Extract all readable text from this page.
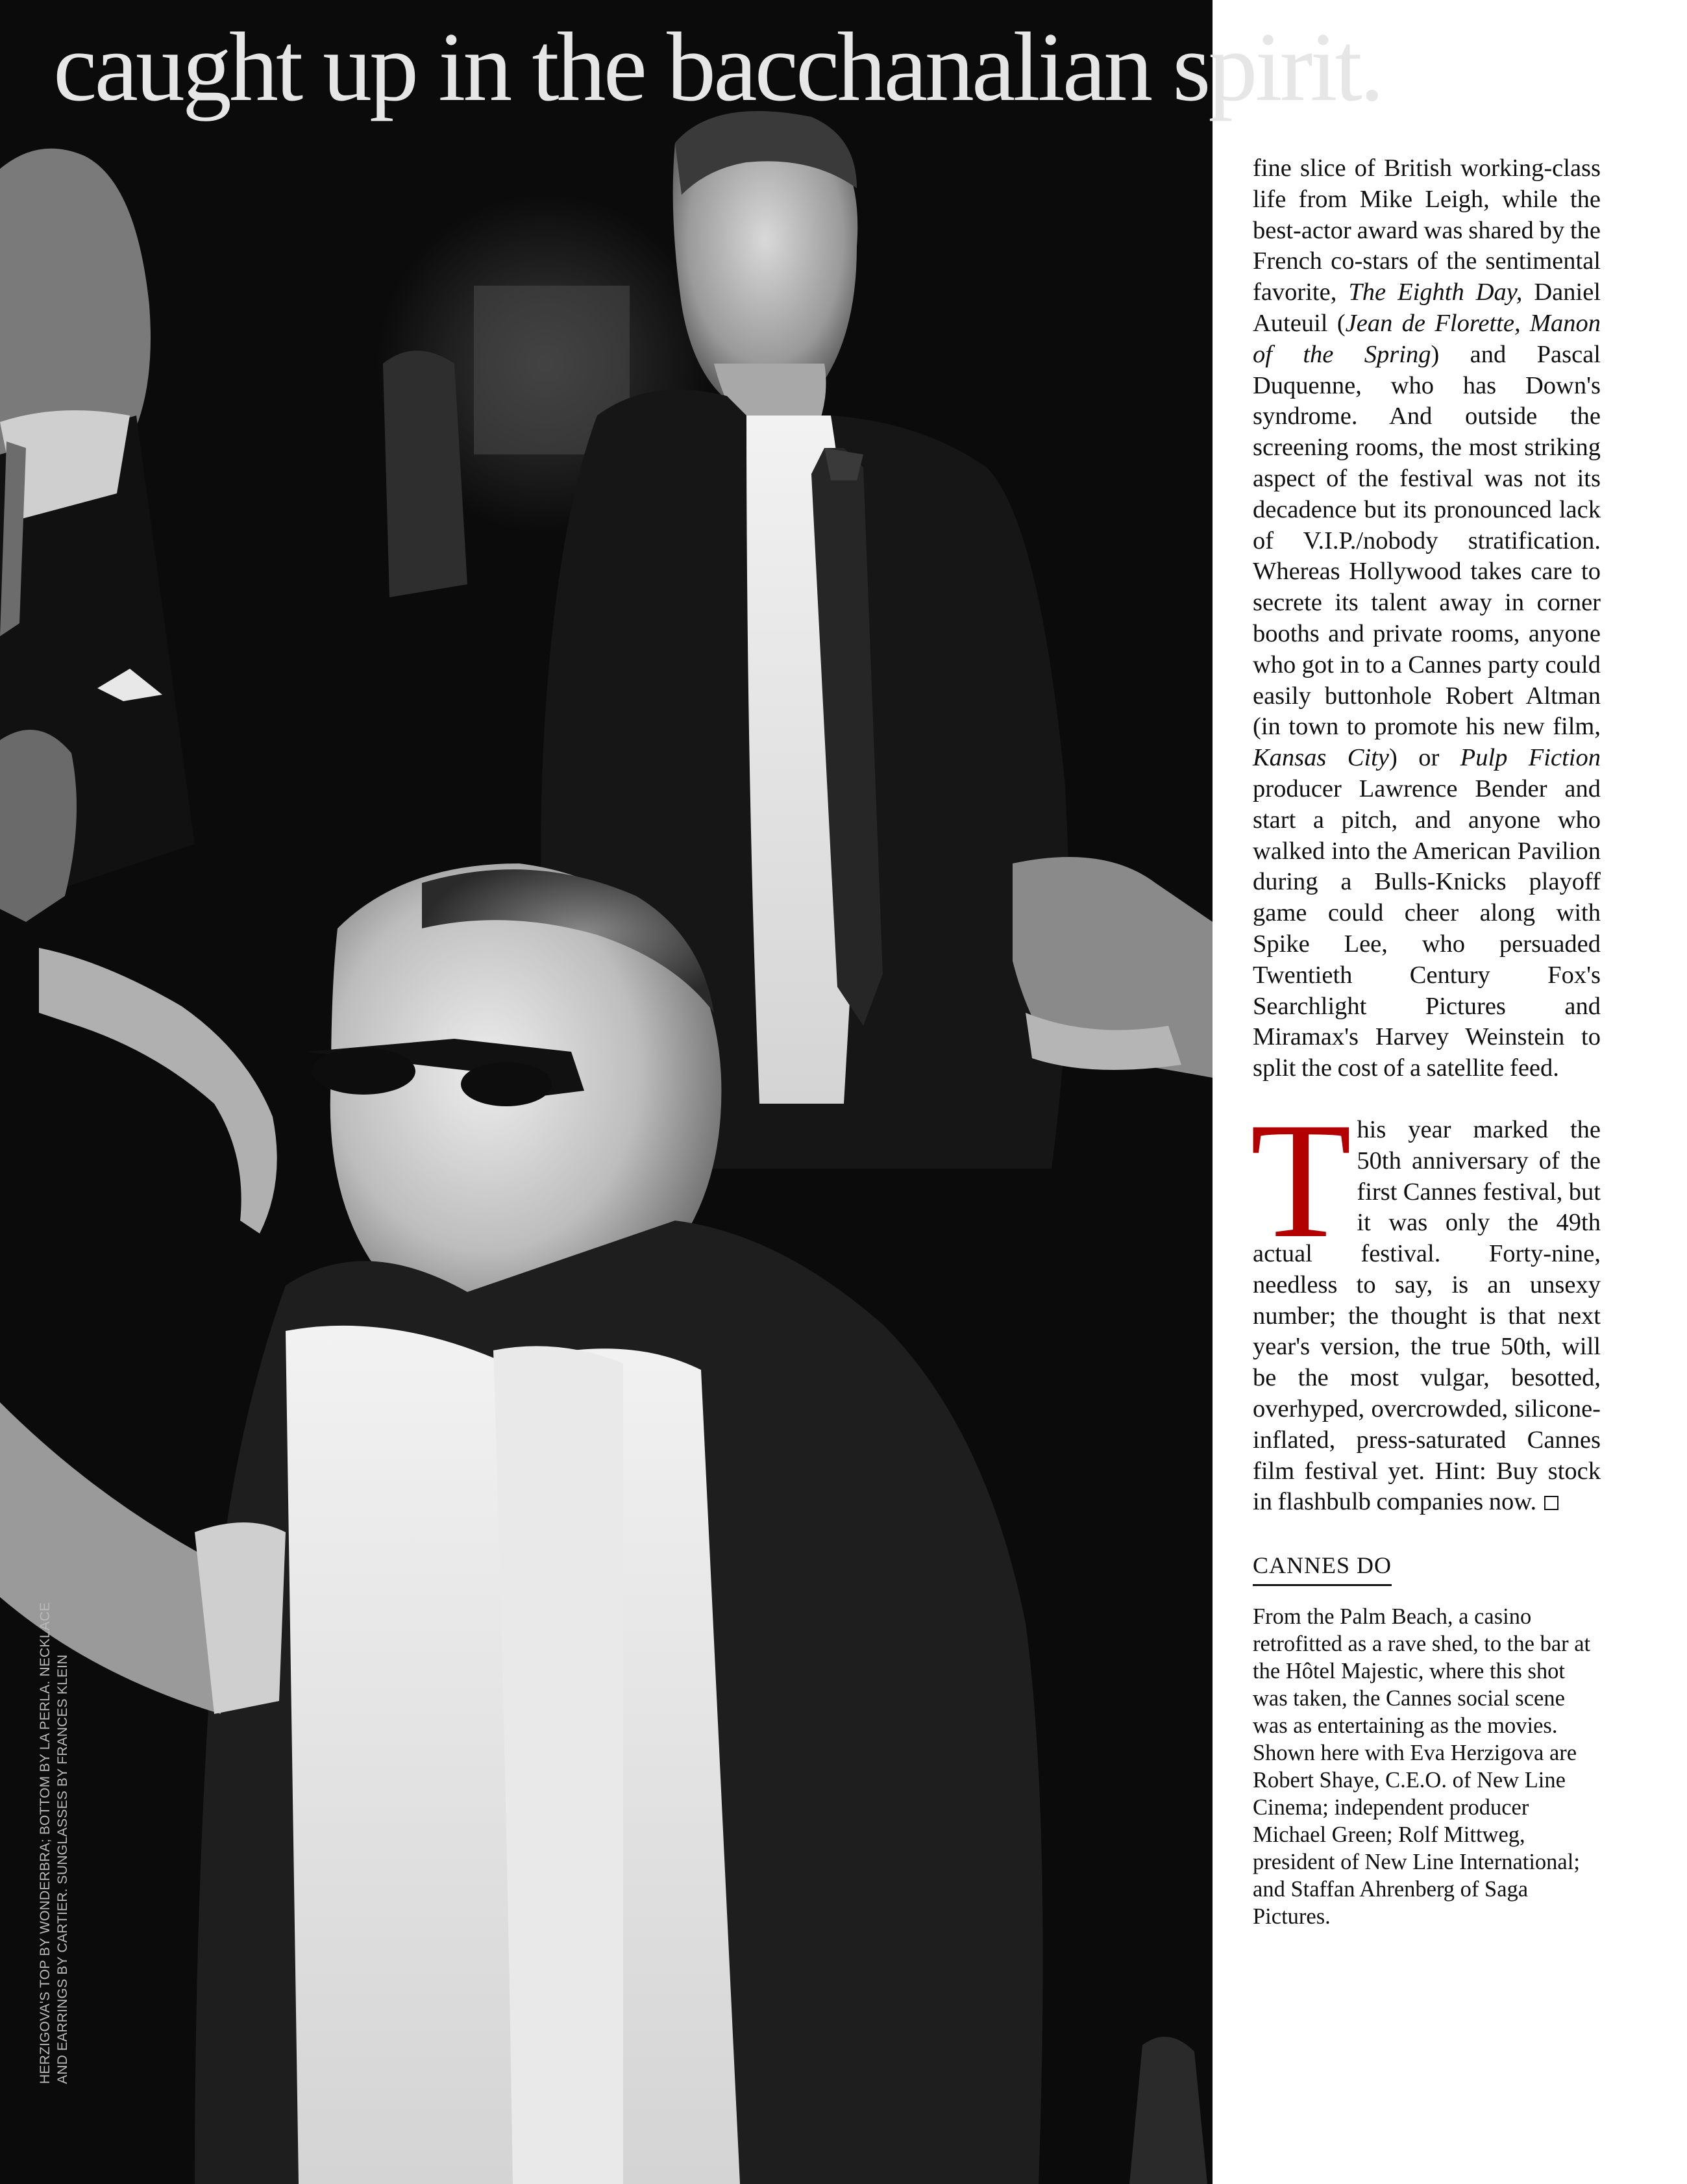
caught up in the bacchanalian spirit.

HERZIGOVA'S TOP BY WONDERBRA; BOTTOM BY LA PERLA. NECKLACE AND EARRINGS BY CARTIER. SUNGLASSES BY FRANCES KLEIN

fine slice of British working-class life from Mike Leigh, while the best-actor award was shared by the French co-stars of the sentimental favorite, The Eighth Day, Daniel Auteuil (Jean de Florette, Manon of the Spring) and Pascal Duquenne, who has Down's syndrome. And outside the screening rooms, the most striking aspect of the festival was not its decadence but its pronounced lack of V.I.P./nobody stratification. Whereas Hollywood takes care to secrete its talent away in corner booths and private rooms, anyone who got in to a Cannes party could easily buttonhole Robert Altman (in town to promote his new film, Kansas City) or Pulp Fiction producer Lawrence Bender and start a pitch, and anyone who walked into the American Pavilion during a Bulls-Knicks playoff game could cheer along with Spike Lee, who persuaded Twentieth Century Fox's Searchlight Pictures and Miramax's Harvey Weinstein to split the cost of a satellite feed.

This year marked the 50th anniversary of the first Cannes festival, but it was only the 49th actual festival. Forty-nine, needless to say, is an unsexy number; the thought is that next year's version, the true 50th, will be the most vulgar, besotted, overhyped, overcrowded, silicone-inflated, press-saturated Cannes film festival yet. Hint: Buy stock in flashbulb companies now.

CANNES DO

From the Palm Beach, a casino retrofitted as a rave shed, to the bar at the Hôtel Majestic, where this shot was taken, the Cannes social scene was as entertaining as the movies. Shown here with Eva Herzigova are Robert Shaye, C.E.O. of New Line Cinema; independent producer Michael Green; Rolf Mittweg, president of New Line International; and Staffan Ahrenberg of Saga Pictures.
